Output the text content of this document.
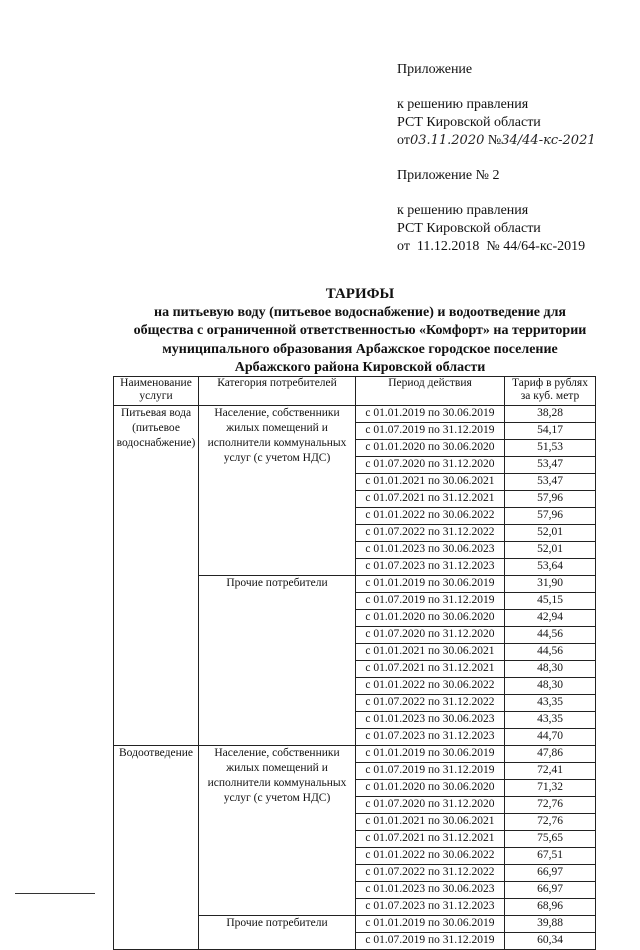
Приложение
к решению правления
РСТ Кировской области
от03.11.2020 №34/44-кс-2021
Приложение № 2
к решению правления
РСТ Кировской области
от  11.12.2018  № 44/64-кс-2019
ТАРИФЫ
на питьевую воду (питьевое водоснабжение) и водоотведение для
общества с ограниченной ответственностью «Комфорт» на территории
муниципального образования Арбажское городское поселение
Арбажского района Кировской области
Наименование услуги	Категория потребителей	Период действия	Тариф в рублях за куб. метр
Питьевая вода (питьевое водоснабжение)	Население, собственники жилых помещений и исполнители коммунальных услуг (с учетом НДС)	с 01.01.2019 по 30.06.2019	38,28
		с 01.07.2019 по 31.12.2019	54,17
		с 01.01.2020 по 30.06.2020	51,53
		с 01.07.2020 по 31.12.2020	53,47
		с 01.01.2021 по 30.06.2021	53,47
		с 01.07.2021 по 31.12.2021	57,96
		с 01.01.2022 по 30.06.2022	57,96
		с 01.07.2022 по 31.12.2022	52,01
		с 01.01.2023 по 30.06.2023	52,01
		с 01.07.2023 по 31.12.2023	53,64
	Прочие потребители	с 01.01.2019 по 30.06.2019	31,90
		с 01.07.2019 по 31.12.2019	45,15
		с 01.01.2020 по 30.06.2020	42,94
		с 01.07.2020 по 31.12.2020	44,56
		с 01.01.2021 по 30.06.2021	44,56
		с 01.07.2021 по 31.12.2021	48,30
		с 01.01.2022 по 30.06.2022	48,30
		с 01.07.2022 по 31.12.2022	43,35
		с 01.01.2023 по 30.06.2023	43,35
		с 01.07.2023 по 31.12.2023	44,70
Водоотведение	Население, собственники жилых помещений и исполнители коммунальных услуг (с учетом НДС)	с 01.01.2019 по 30.06.2019	47,86
		с 01.07.2019 по 31.12.2019	72,41
		с 01.01.2020 по 30.06.2020	71,32
		с 01.07.2020 по 31.12.2020	72,76
		с 01.01.2021 по 30.06.2021	72,76
		с 01.07.2021 по 31.12.2021	75,65
		с 01.01.2022 по 30.06.2022	67,51
		с 01.07.2022 по 31.12.2022	66,97
		с 01.01.2023 по 30.06.2023	66,97
		с 01.07.2023 по 31.12.2023	68,96
	Прочие потребители	с 01.01.2019 по 30.06.2019	39,88
		с 01.07.2019 по 31.12.2019	60,34
